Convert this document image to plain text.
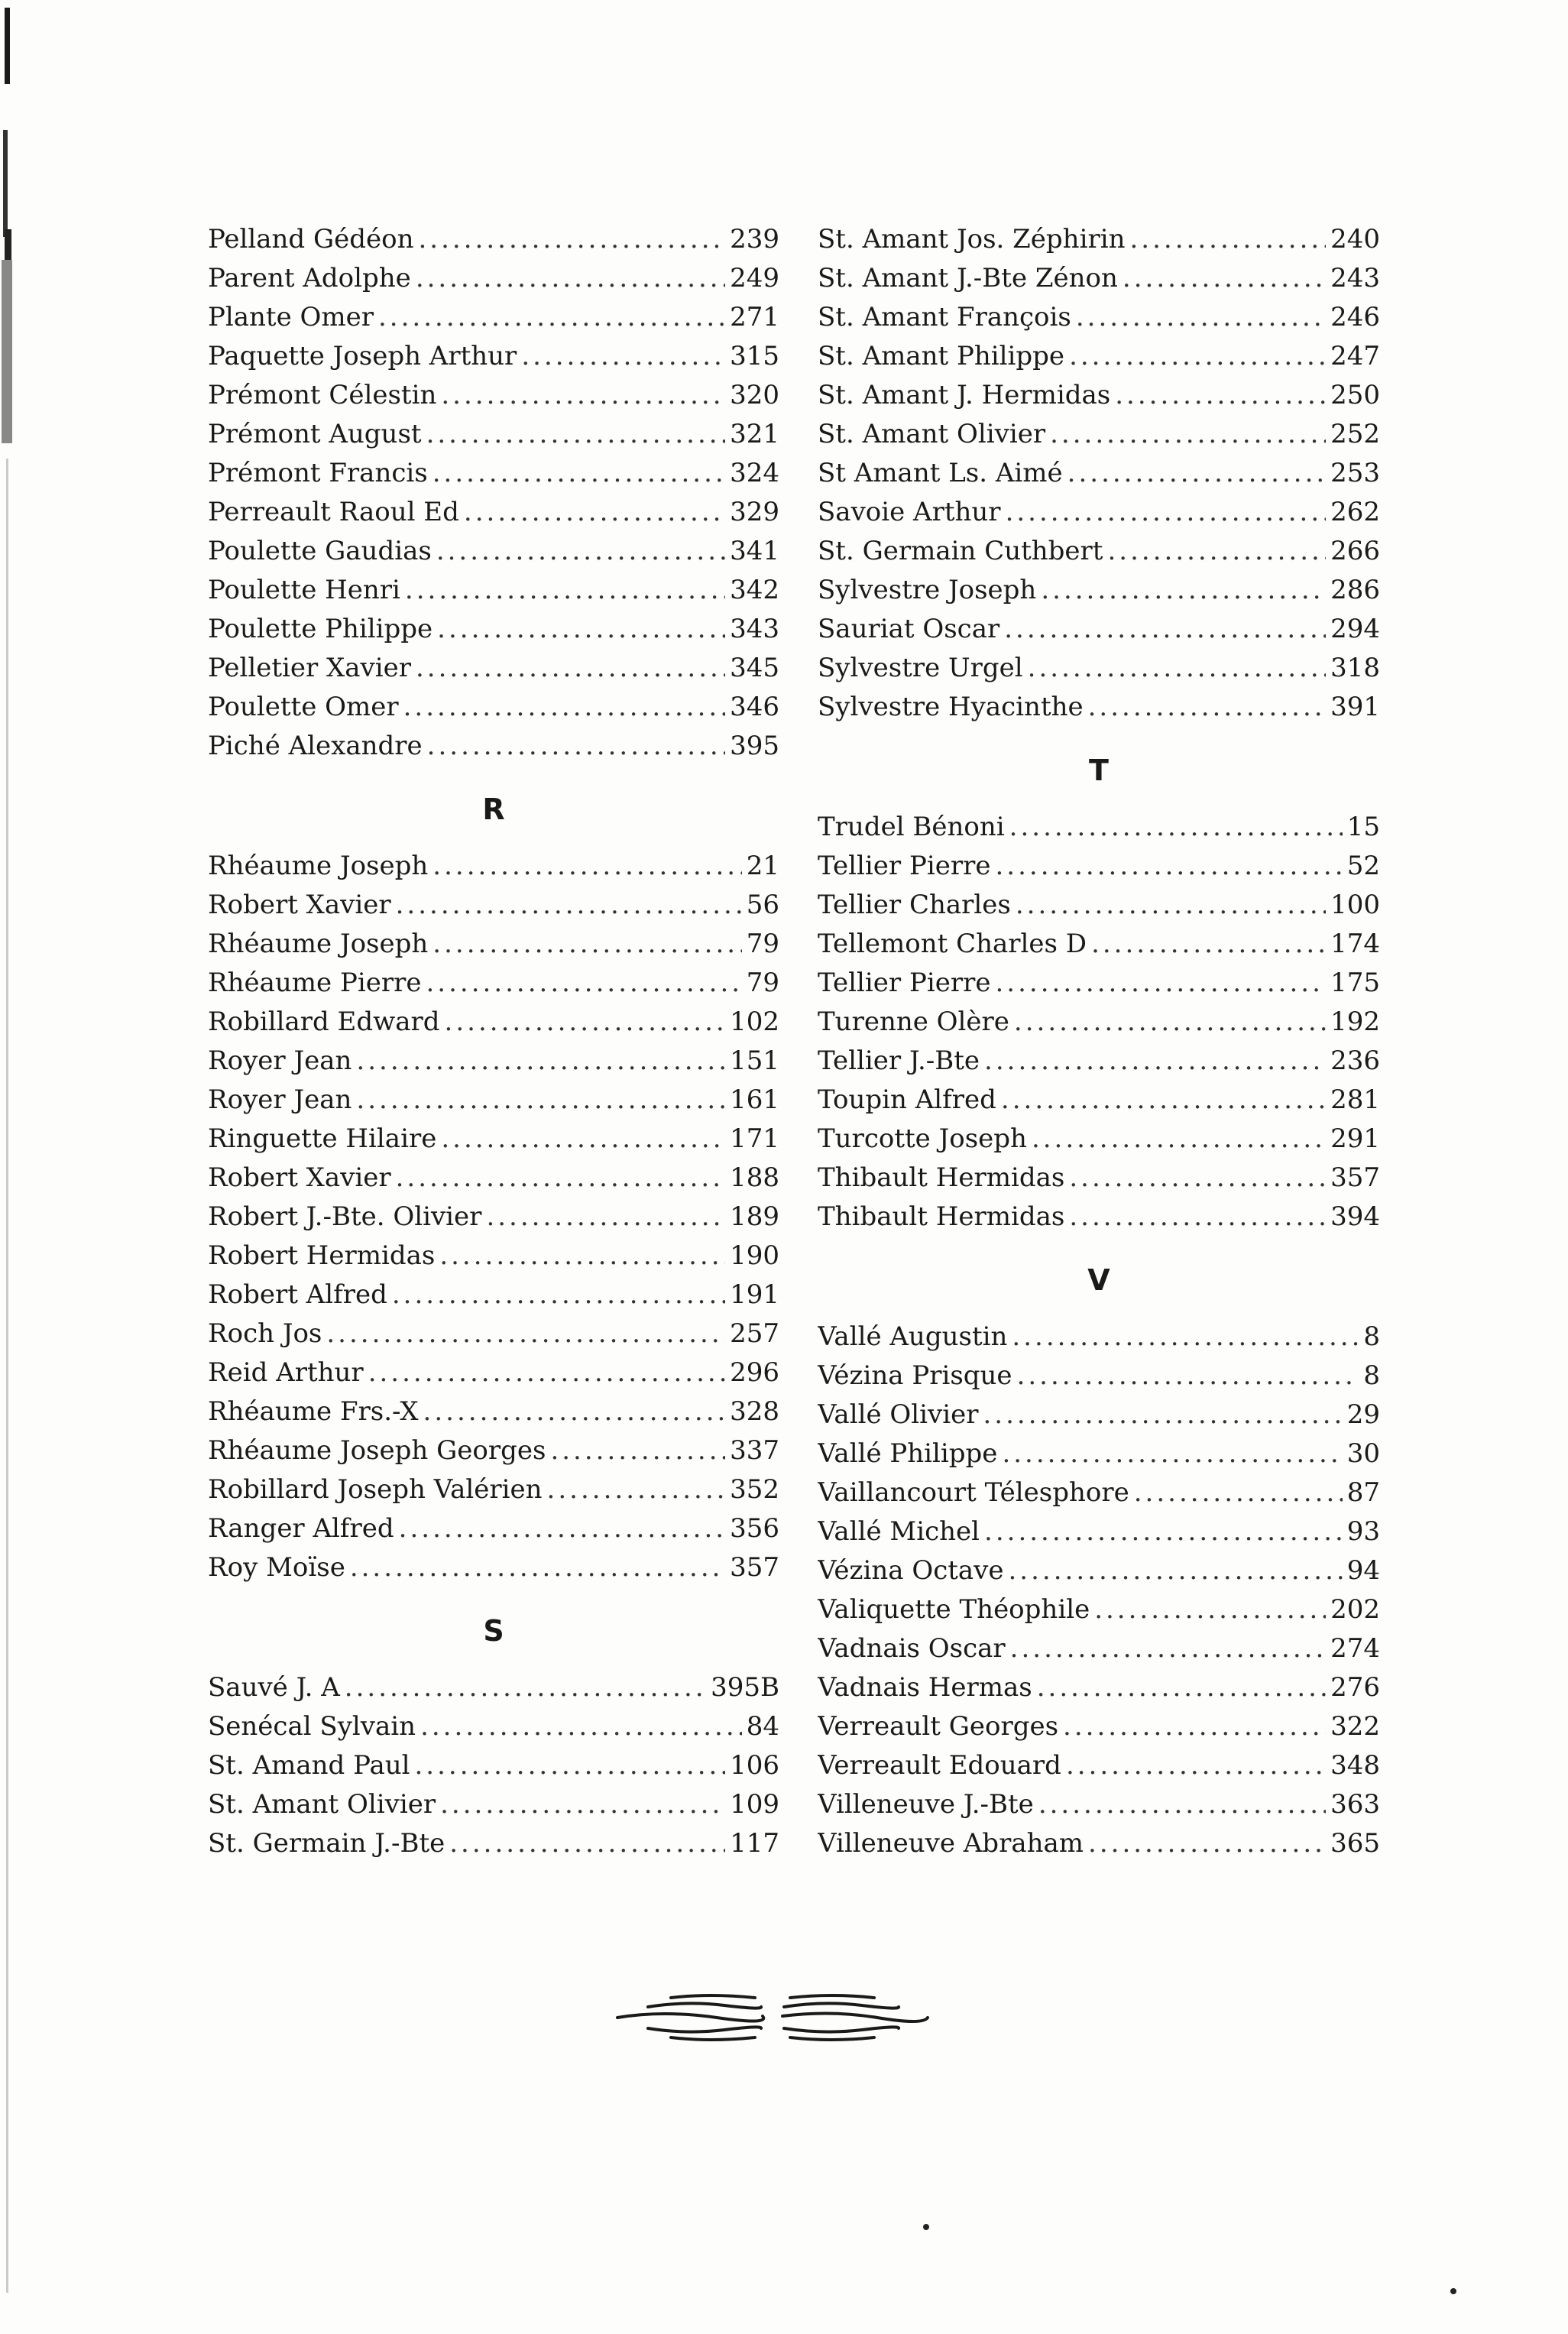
Pelland Gédéon .....	239
Parent Adolphe .....	249
Plante Omer .....	271
Paquette Joseph Arthur .....	315
Prémont Célestin .....	320
Prémont August .....	321
Prémont Francis .....	324
Perreault Raoul Ed .....	329
Poulette Gaudias .....	341
Poulette Henri .....	342
Poulette Philippe .....	343
Pelletier Xavier .....	345
Poulette Omer .....	346
Piché Alexandre .....	395
R
Rhéaume Joseph .....	21
Robert Xavier .....	56
Rhéaume Joseph .....	79
Rhéaume Pierre .....	79
Robillard Edward .....	102
Royer Jean .....	151
Royer Jean .....	161
Ringuette Hilaire .....	171
Robert Xavier .....	188
Robert J.-Bte. Olivier .....	189
Robert Hermidas .....	190
Robert Alfred .....	191
Roch Jos .....	257
Reid Arthur .....	296
Rhéaume Frs.-X .....	328
Rhéaume Joseph Georges .....	337
Robillard Joseph Valérien .....	352
Ranger Alfred .....	356
Roy Moïse .....	357
S
Sauvé J. A .....	395B
Senécal Sylvain .....	84
St. Amand Paul .....	106
St. Amant Olivier .....	109
St. Germain J.-Bte .....	117
St. Amant Jos. Zéphirin .....	240
St. Amant J.-Bte Zénon .....	243
St. Amant François .....	246
St. Amant Philippe .....	247
St. Amant J. Hermidas .....	250
St. Amant Olivier .....	252
St Amant Ls. Aimé .....	253
Savoie Arthur .....	262
St. Germain Cuthbert .....	266
Sylvestre Joseph .....	286
Sauriat Oscar .....	294
Sylvestre Urgel .....	318
Sylvestre Hyacinthe .....	391
T
Trudel Bénoni .....	15
Tellier Pierre .....	52
Tellier Charles .....	100
Tellemont Charles D .....	174
Tellier Pierre .....	175
Turenne Olère .....	192
Tellier J.-Bte .....	236
Toupin Alfred .....	281
Turcotte Joseph .....	291
Thibault Hermidas .....	357
Thibault Hermidas .....	394
V
Vallé Augustin .....	8
Vézina Prisque .....	8
Vallé Olivier .....	29
Vallé Philippe .....	30
Vaillancourt Télesphore .....	87
Vallé Michel .....	93
Vézina Octave .....	94
Valiquette Théophile .....	202
Vadnais Oscar .....	274
Vadnais Hermas .....	276
Verreault Georges .....	322
Verreault Edouard .....	348
Villeneuve J.-Bte .....	363
Villeneuve Abraham .....	365
